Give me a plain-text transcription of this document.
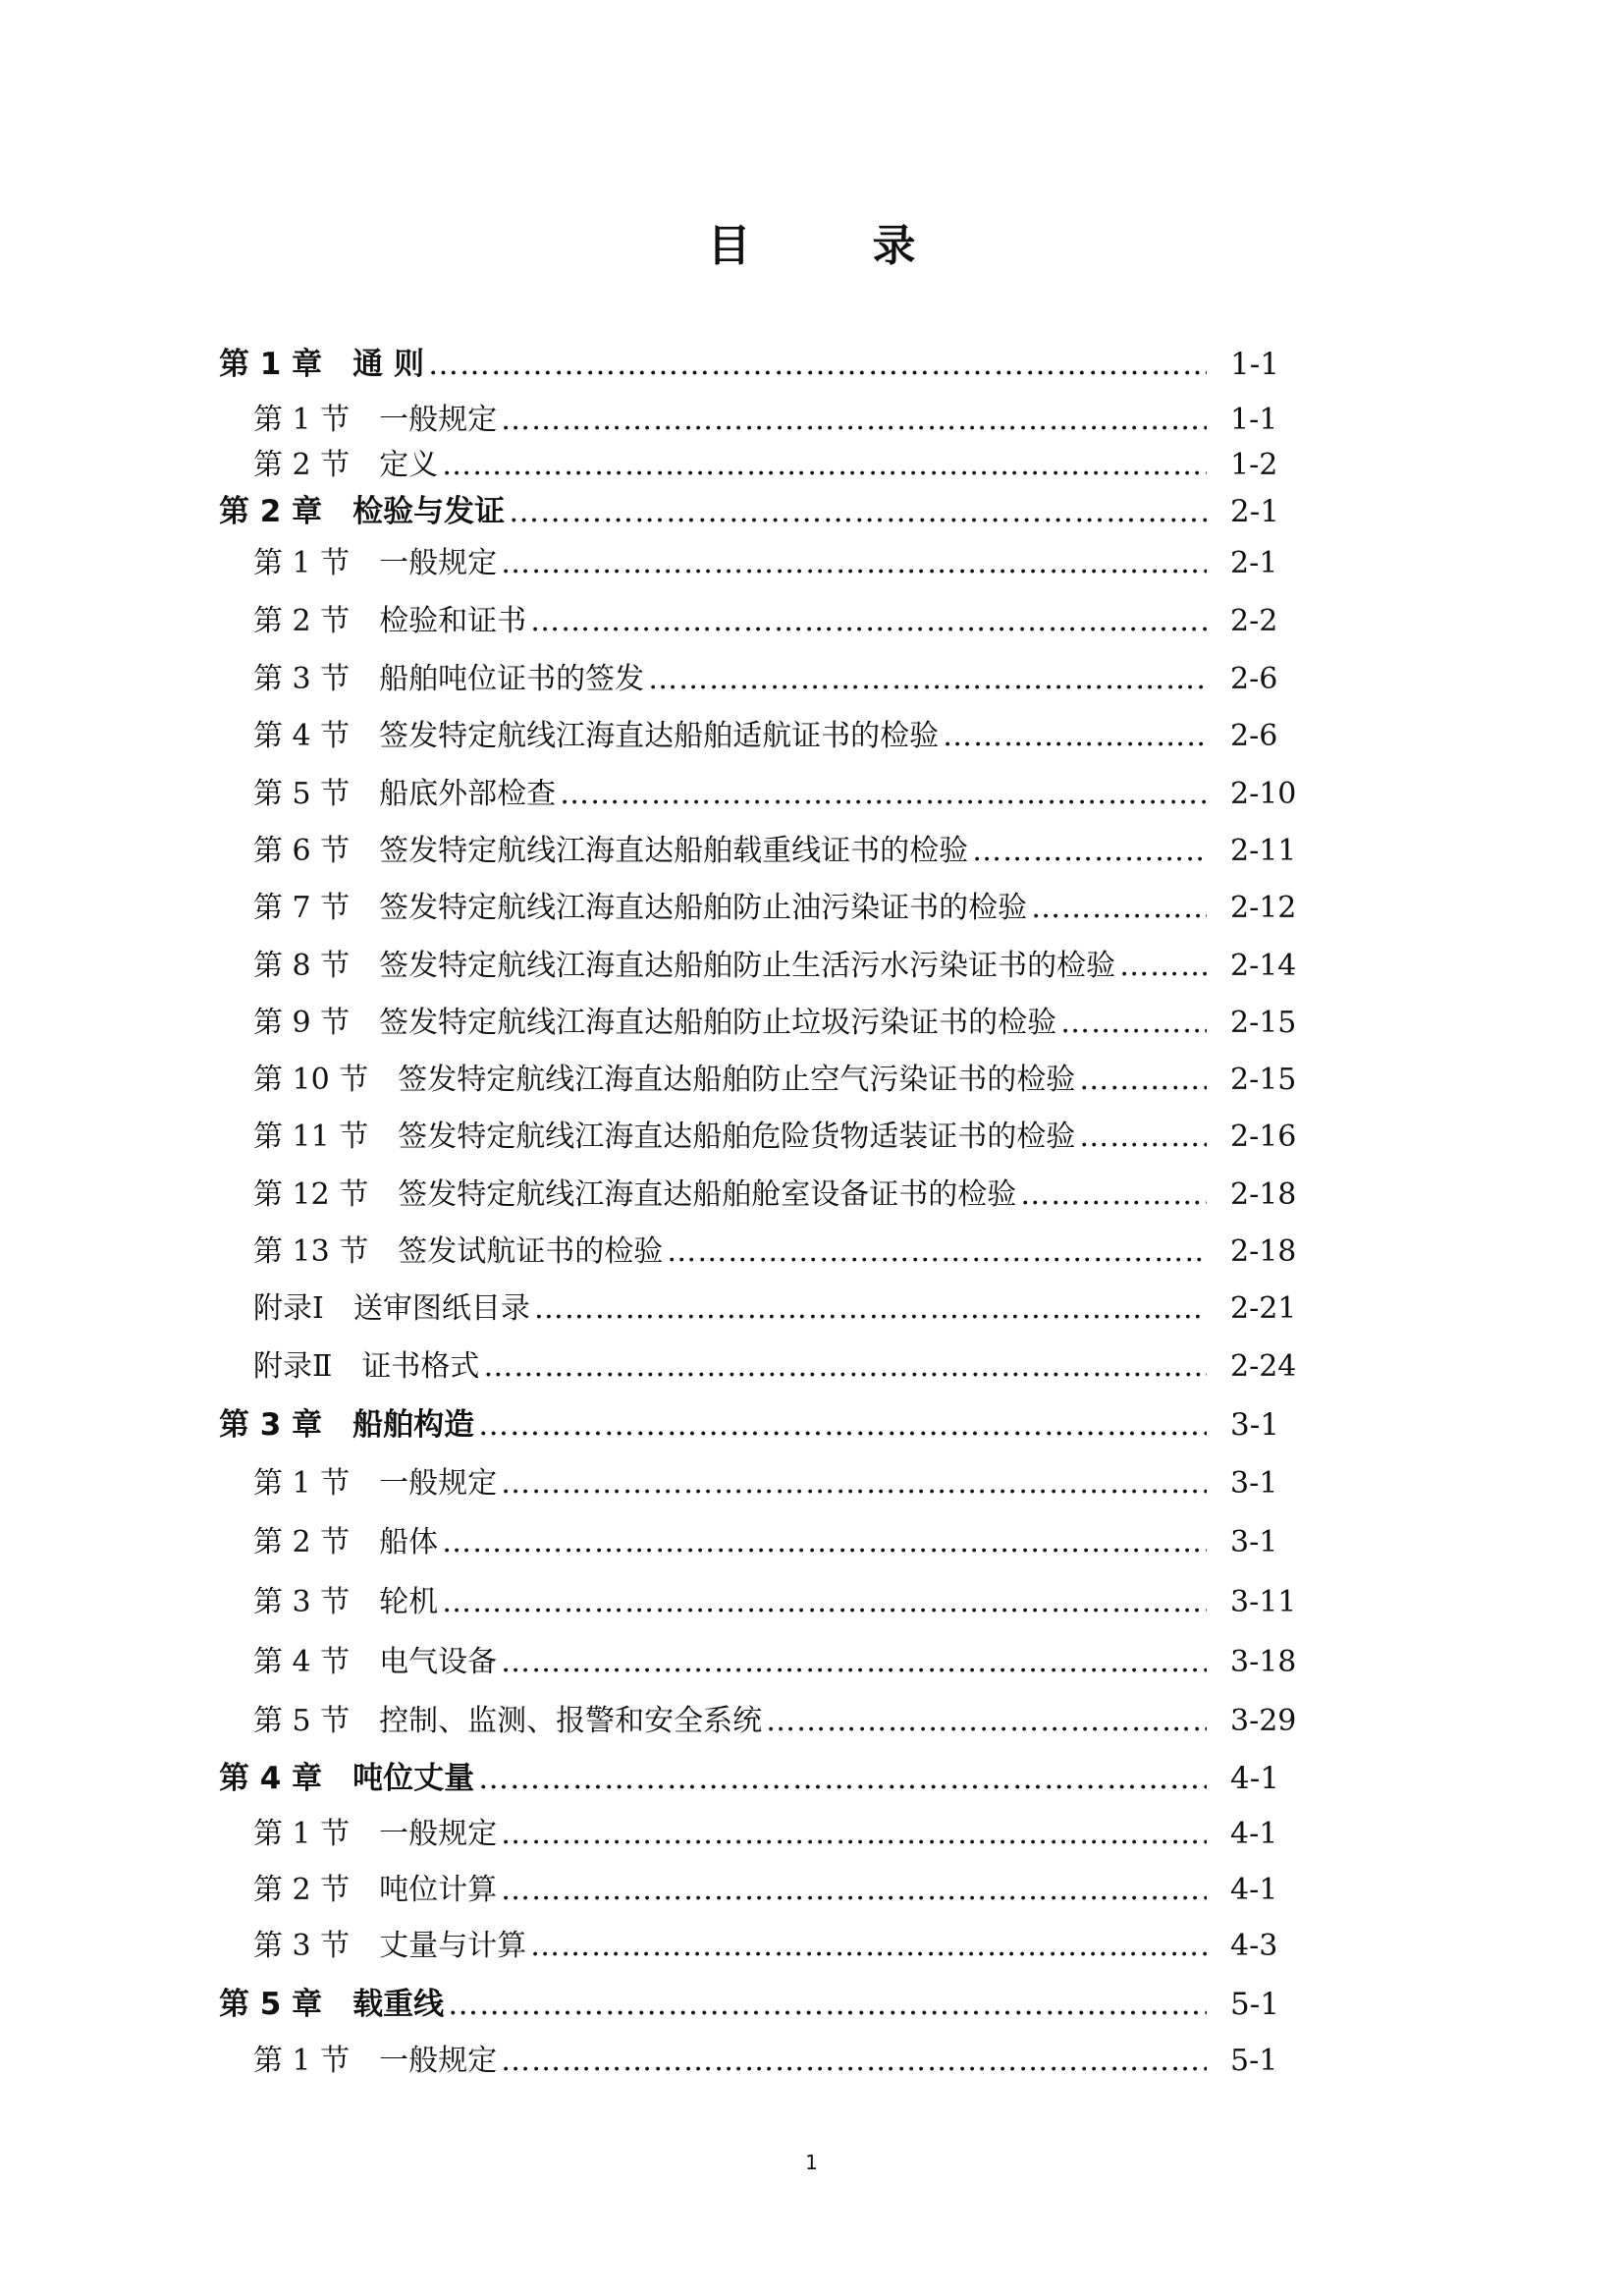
目　录
第 1 章　通 则 …………………………………………………………………………………………………………………………………………………………………………………………………	1-1
第 1 节　一般规定 …………………………………………………………………………………………………………………………………………………………………………………………………	1-1
第 2 节　定义 …………………………………………………………………………………………………………………………………………………………………………………………………	1-2
第 2 章　检验与发证 …………………………………………………………………………………………………………………………………………………………………………………………………	2-1
第 1 节　一般规定 …………………………………………………………………………………………………………………………………………………………………………………………………	2-1
第 2 节　检验和证书 …………………………………………………………………………………………………………………………………………………………………………………………………	2-2
第 3 节　船舶吨位证书的签发 …………………………………………………………………………………………………………………………………………………………………………………………………	2-6
第 4 节　签发特定航线江海直达船舶适航证书的检验 …………………………………………………………………………………………………………………………………………………………………………………………………	2-6
第 5 节　船底外部检查 …………………………………………………………………………………………………………………………………………………………………………………………………	2-10
第 6 节　签发特定航线江海直达船舶载重线证书的检验 …………………………………………………………………………………………………………………………………………………………………………………………………	2-11
第 7 节　签发特定航线江海直达船舶防止油污染证书的检验 …………………………………………………………………………………………………………………………………………………………………………………………………	2-12
第 8 节　签发特定航线江海直达船舶防止生活污水污染证书的检验 …………………………………………………………………………………………………………………………………………………………………………………………………	2-14
第 9 节　签发特定航线江海直达船舶防止垃圾污染证书的检验 …………………………………………………………………………………………………………………………………………………………………………………………………	2-15
第 10 节　签发特定航线江海直达船舶防止空气污染证书的检验 …………………………………………………………………………………………………………………………………………………………………………………………………	2-15
第 11 节　签发特定航线江海直达船舶危险货物适装证书的检验 …………………………………………………………………………………………………………………………………………………………………………………………………	2-16
第 12 节　签发特定航线江海直达船舶舱室设备证书的检验 …………………………………………………………………………………………………………………………………………………………………………………………………	2-18
第 13 节　签发试航证书的检验 …………………………………………………………………………………………………………………………………………………………………………………………………	2-18
附录Ⅰ　送审图纸目录 …………………………………………………………………………………………………………………………………………………………………………………………………	2-21
附录Ⅱ　证书格式 …………………………………………………………………………………………………………………………………………………………………………………………………	2-24
第 3 章　船舶构造 …………………………………………………………………………………………………………………………………………………………………………………………………	3-1
第 1 节　一般规定 …………………………………………………………………………………………………………………………………………………………………………………………………	3-1
第 2 节　船体 …………………………………………………………………………………………………………………………………………………………………………………………………	3-1
第 3 节　轮机 …………………………………………………………………………………………………………………………………………………………………………………………………	3-11
第 4 节　电气设备 …………………………………………………………………………………………………………………………………………………………………………………………………	3-18
第 5 节　控制、监测、报警和安全系统 …………………………………………………………………………………………………………………………………………………………………………………………………	3-29
第 4 章　吨位丈量 …………………………………………………………………………………………………………………………………………………………………………………………………	4-1
第 1 节　一般规定 …………………………………………………………………………………………………………………………………………………………………………………………………	4-1
第 2 节　吨位计算 …………………………………………………………………………………………………………………………………………………………………………………………………	4-1
第 3 节　丈量与计算 …………………………………………………………………………………………………………………………………………………………………………………………………	4-3
第 5 章　载重线 …………………………………………………………………………………………………………………………………………………………………………………………………	5-1
第 1 节　一般规定 …………………………………………………………………………………………………………………………………………………………………………………………………	5-1
1
